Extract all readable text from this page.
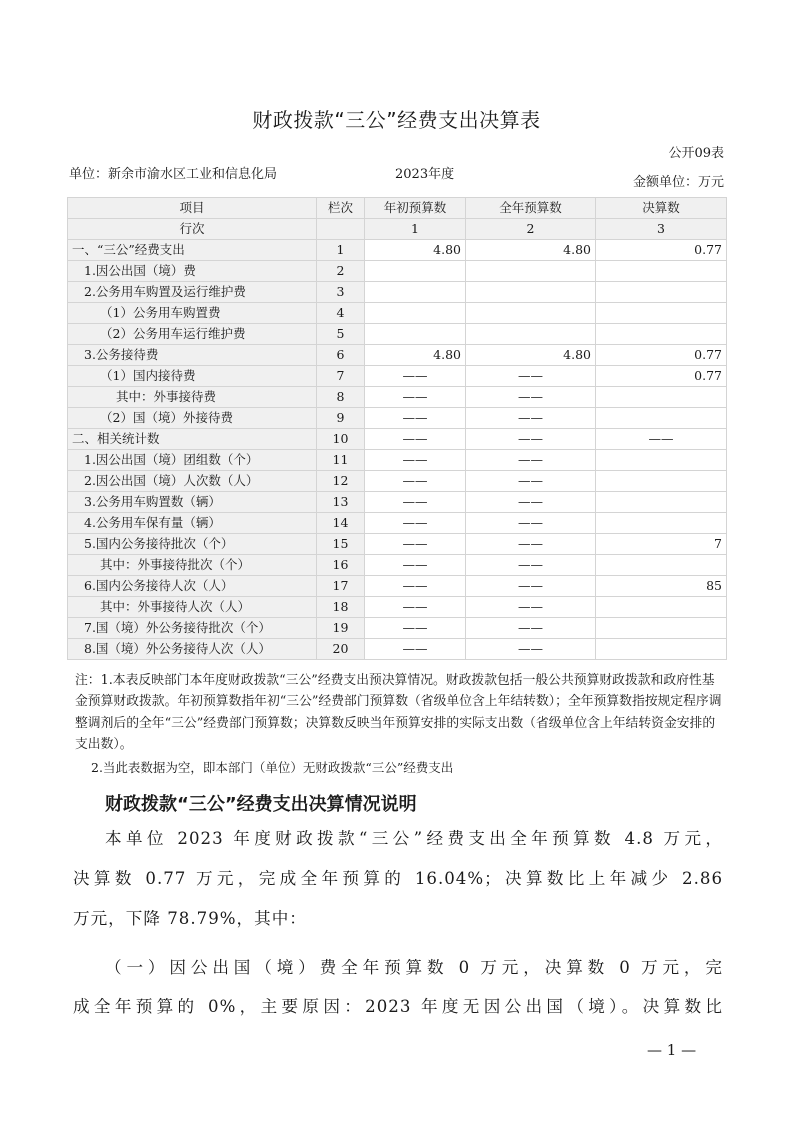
财政拨款“三公”经费支出决算表
公开09表
单位：新余市渝水区工业和信息化局	2023年度
金额单位：万元
项目	栏次	年初预算数	全年预算数	决算数
行次		1	2	3
一、“三公”经费支出	1	4.80	4.80	0.77
1.因公出国（境）费	2			
2.公务用车购置及运行维护费	3			
（1）公务用车购置费	4			
（2）公务用车运行维护费	5			
3.公务接待费	6	4.80	4.80	0.77
（1）国内接待费	7	——	——	0.77
其中：外事接待费	8	——	——	
（2）国（境）外接待费	9	——	——	
二、相关统计数	10	——	——	——
1.因公出国（境）团组数（个）	11	——	——	
2.因公出国（境）人次数（人）	12	——	——	
3.公务用车购置数（辆）	13	——	——	
4.公务用车保有量（辆）	14	——	——	
5.国内公务接待批次（个）	15	——	——	7
其中：外事接待批次（个）	16	——	——	
6.国内公务接待人次（人）	17	——	——	85
其中：外事接待人次（人）	18	——	——	
7.国（境）外公务接待批次（个）	19	——	——	
8.国（境）外公务接待人次（人）	20	——	——	
注：1.本表反映部门本年度财政拨款“三公”经费支出预决算情况。财政拨款包括一般公共预算财政拨款和政府性基金预算财政拨款。年初预算数指年初“三公”经费部门预算数（省级单位含上年结转数）；全年预算数指按规定程序调整调剂后的全年“三公”经费部门预算数；决算数反映当年预算安排的实际支出数（省级单位含上年结转资金安排的支出数）。
2.当此表数据为空，即本部门（单位）无财政拨款“三公”经费支出
财政拨款“三公”经费支出决算情况说明
本单位 2023 年度财政拨款“三公”经费支出全年预算数 4.8 万元，
决算数 0.77 万元，完成全年预算的 16.04%；决算数比上年减少 2.86
万元，下降 78.79%，其中：
（一）因公出国（境）费全年预算数 0 万元，决算数 0 万元，完
成全年预算的 0%，主要原因：2023 年度无因公出国（境）。决算数比
— 1 —
